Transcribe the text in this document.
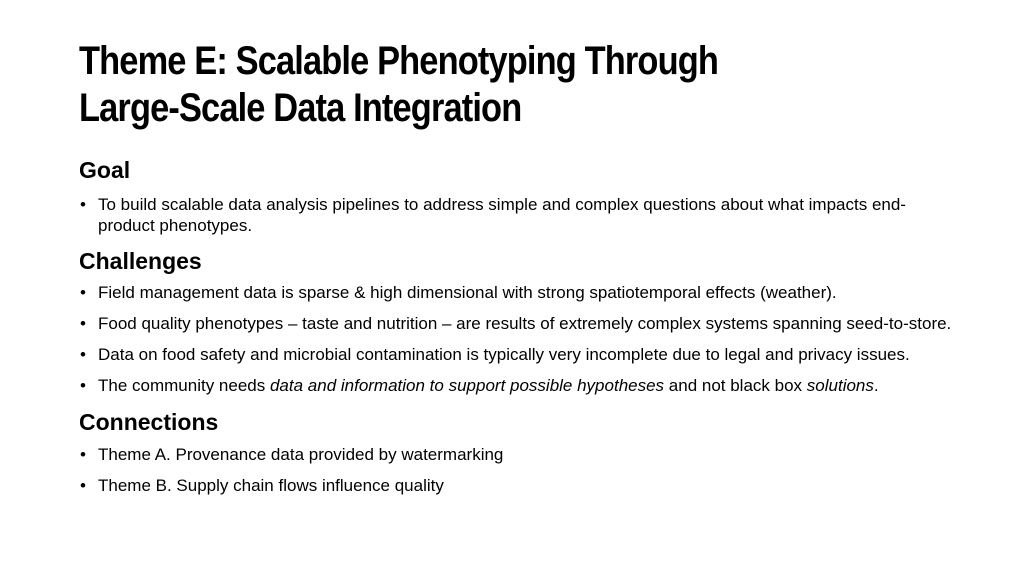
Theme E: Scalable Phenotyping Through
Large-Scale Data Integration
Goal
• To build scalable data analysis pipelines to address simple and complex questions about what impacts end-product phenotypes.
Challenges
• Field management data is sparse & high dimensional with strong spatiotemporal effects (weather).
• Food quality phenotypes – taste and nutrition – are results of extremely complex systems spanning seed-to-store.
• Data on food safety and microbial contamination is typically very incomplete due to legal and privacy issues.
• The community needs data and information to support possible hypotheses and not black box solutions.
Connections
• Theme A. Provenance data provided by watermarking
• Theme B. Supply chain flows influence quality
